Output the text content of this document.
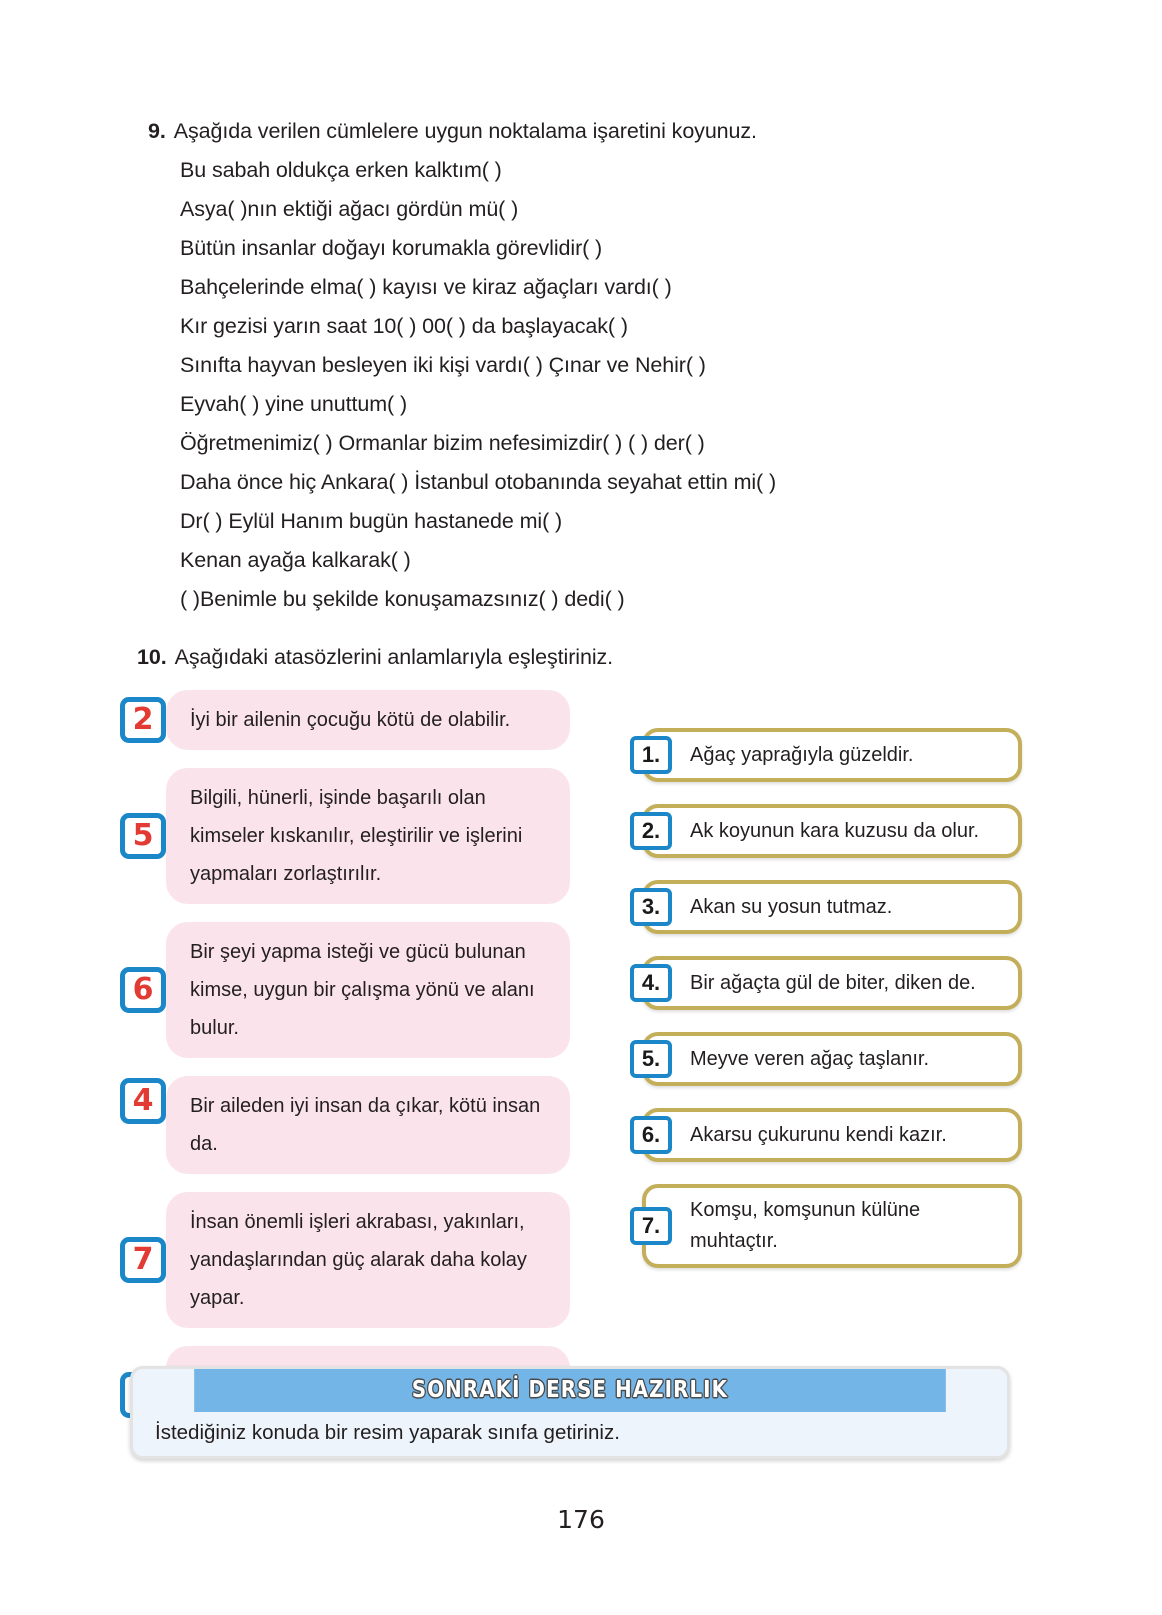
9. Aşağıda verilen cümlelere uygun noktalama işaretini koyunuz.
Bu sabah oldukça erken kalktım( )
Asya( )nın ektiği ağacı gördün mü( )
Bütün insanlar doğayı korumakla görevlidir( )
Bahçelerinde elma( ) kayısı ve kiraz ağaçları vardı( )
Kır gezisi yarın saat 10( ) 00( ) da başlayacak( )
Sınıfta hayvan besleyen iki kişi vardı( ) Çınar ve Nehir( )
Eyvah( ) yine unuttum( )
Öğretmenimiz( ) Ormanlar bizim nefesimizdir( ) ( ) der( )
Daha önce hiç Ankara( ) İstanbul otobanında seyahat ettin mi( )
Dr( ) Eylül Hanım bugün hastanede mi( )
Kenan ayağa kalkarak( )
( )Benimle bu şekilde konuşamazsınız( ) dedi( )
10. Aşağıdaki atasözlerini anlamlarıyla eşleştiriniz.
2	İyi bir ailenin çocuğu kötü de olabilir.

5

Bilgili, hünerli, işinde başarılı olan kimseler kıskanılır, eleştirilir ve işlerini yapmaları zorlaştırılır.

6

Bir şeyi yapma isteği ve gücü bulunan kimse, uygun bir çalışma yönü ve alanı bulur.

4	Bir aileden iyi insan da çıkar, kötü insan da.

7

İnsan önemli işleri akrabası, yakınları, yandaşlarından güç alarak daha kolay yapar.

1.	Ağaç yaprağıyla güzeldir.

2.	Ak koyunun kara kuzusu da olur.

3.	Akan su yosun tutmaz.

4.	Bir ağaçta gül de biter, diken de.

5.	Meyve veren ağaç taşlanır.

6.	Akarsu çukurunu kendi kazır.

7.

Komşu, komşunun külüne muhtaçtır.

SONRAKİ DERSE HAZIRLIK
İstediğiniz konuda bir resim yaparak sınıfa getiriniz.
176
